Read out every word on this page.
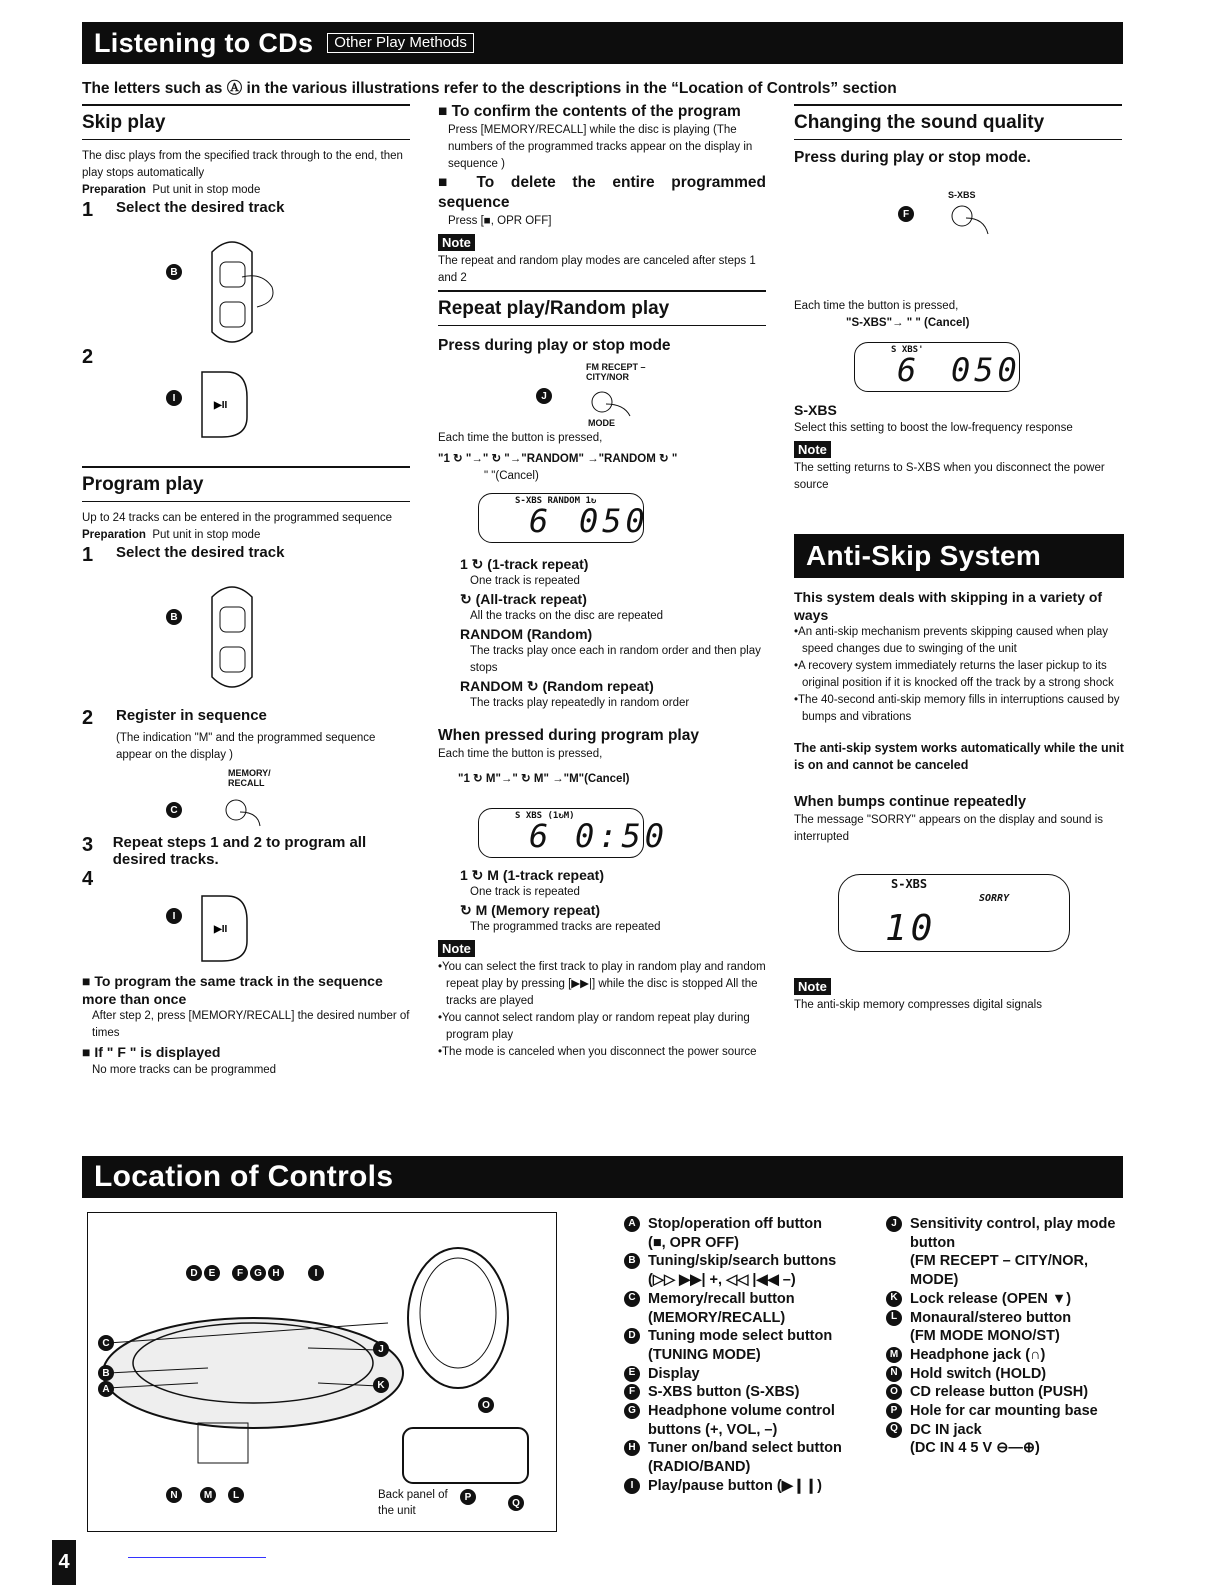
Listening to CDs	Other Play Methods
The letters such as Ⓐ in the various illustrations refer to the descriptions in the “Location of Controls” section
Skip play
The disc plays from the specified track through to the end, then play stops automatically
Preparation Put unit in stop mode
1	Select the desired track
B
2
I
▶II
Program play
Up to 24 tracks can be entered in the programmed sequence
Preparation Put unit in stop mode
1	Select the desired track
B
2	Register in sequence
(The indication "M" and the programmed sequence appear on the display )
MEMORY/ RECALL
C
3 Repeat steps 1 and 2 to program all desired tracks.
4
I
▶II
■ To program the same track in the sequence more than once
After step 2, press [MEMORY/RECALL] the desired number of times
■ If " F " is displayed
No more tracks can be programmed
■ To confirm the contents of the program
Press [MEMORY/RECALL] while the disc is playing (The numbers of the programmed tracks appear on the display in sequence )
■ To delete the entire programmed sequence
Press [■, OPR OFF]
Note
The repeat and random play modes are canceled after steps 1 and 2
Repeat play/Random play
Press during play or stop mode
FM RECEPT – CITY/NOR
J
MODE
Each time the button is pressed,
"1 ↻ "→" ↻ "→"RANDOM" →"RANDOM ↻ "
" "(Cancel)
S-XBS RANDOM 1↻
6 050
1 ↻ (1-track repeat)
One track is repeated
↻ (All-track repeat)
All the tracks on the disc are repeated
RANDOM (Random)
The tracks play once each in random order and then play stops
RANDOM ↻ (Random repeat)
The tracks play repeatedly in random order
When pressed during program play
Each time the button is pressed,
"1 ↻ M"→" ↻ M" →"M"(Cancel)
S XBS (1↻M)
6 0:50
1 ↻ M (1-track repeat)
One track is repeated
↻ M (Memory repeat)
The programmed tracks are repeated
Note
•You can select the first track to play in random play and random repeat play by pressing [▶▶|] while the disc is stopped All the tracks are played
•You cannot select random play or random repeat play during program play
•The mode is canceled when you disconnect the power source
Changing the sound quality
Press during play or stop mode.
S-XBS
F
Each time the button is pressed,
"S-XBS"→ " " (Cancel)
S XBS'
6 050
S-XBS
Select this setting to boost the low-frequency response
Note
The setting returns to S-XBS when you disconnect the power source
Anti-Skip System
This system deals with skipping in a variety of ways
•An anti-skip mechanism prevents skipping caused when play speed changes due to swinging of the unit
•A recovery system immediately returns the laser pickup to its original position if it is knocked off the track by a strong shock
•The 40-second anti-skip memory fills in interruptions caused by bumps and vibrations
The anti-skip system works automatically while the unit is on and cannot be canceled
When bumps continue repeatedly
The message "SORRY" appears on the display and sound is interrupted
S-XBS
SORRY
10
Note
The anti-skip memory compresses digital signals
Location of Controls
D	E	F	G	H	I
C
B
A
J
K
O
N	M	L	P
Q
Back panel of the unit
A Stop/operation off button
(■, OPR OFF)
B Tuning/skip/search buttons
(▷▷ ▶▶| +, ◁◁ |◀◀ –)
C Memory/recall button
(MEMORY/RECALL)
D Tuning mode select button
(TUNING MODE)
E Display
F S-XBS button (S-XBS)
G Headphone volume control
buttons (+, VOL, –)
H Tuner on/band select button
(RADIO/BAND)
I	Play/pause button (▶❙❙)
J Sensitivity control, play mode
button
(FM RECEPT – CITY/NOR, MODE)
K Lock release (OPEN ▼)
L Monaural/stereo button
(FM MODE MONO/ST)
M Headphone jack (∩)
N Hold switch (HOLD)
O CD release button (PUSH)
P Hole for car mounting base
Q DC IN jack
(DC IN 4 5 V ⊖—⊕)
4
